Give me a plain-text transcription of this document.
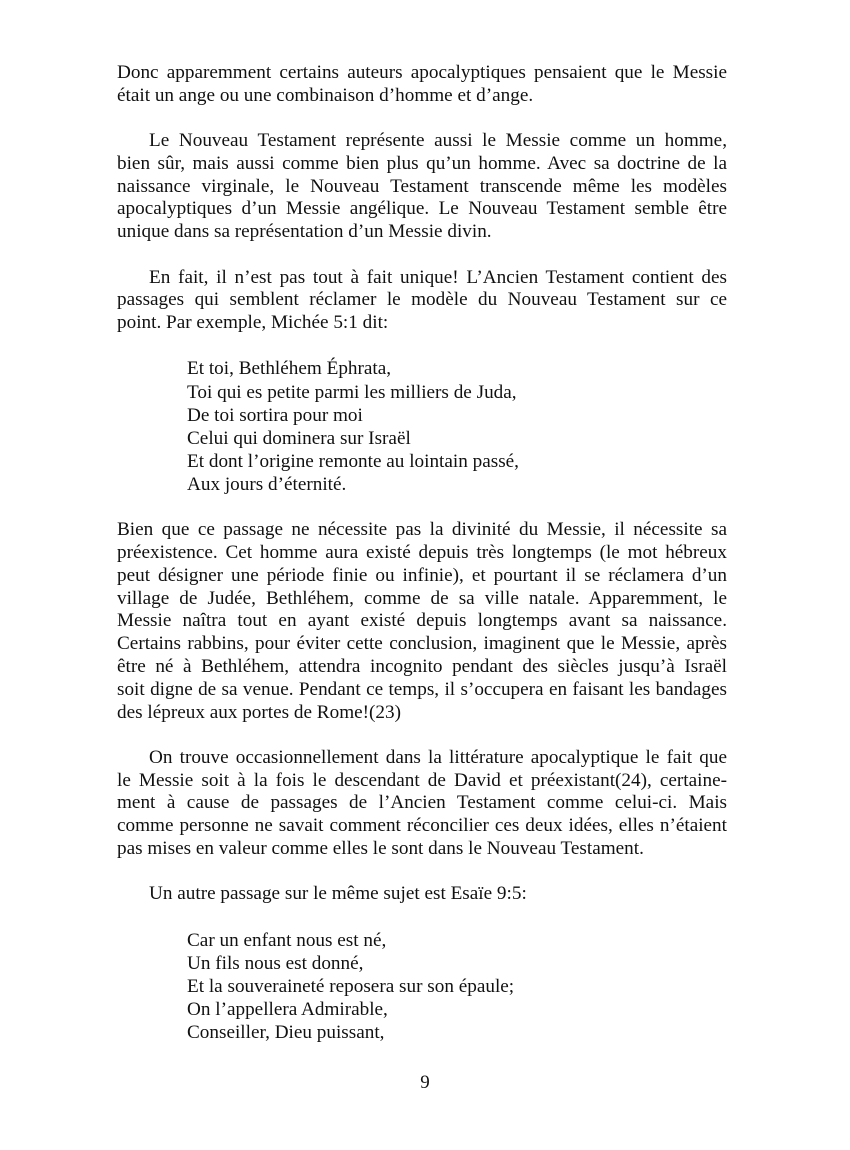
Donc apparemment certains auteurs apocalyptiques pensaient que le Messie
était un ange ou une combinaison d’homme et d’ange.

Le Nouveau Testament représente aussi le Messie comme un homme,
bien sûr, mais aussi comme bien plus qu’un homme. Avec sa doctrine de la
naissance virginale, le Nouveau Testament transcende même les modèles
apocalyptiques d’un Messie angélique. Le Nouveau Testament semble être
unique dans sa représentation d’un Messie divin.

En fait, il n’est pas tout à fait unique! L’Ancien Testament contient des
passages qui semblent réclamer le modèle du Nouveau Testament sur ce
point. Par exemple, Michée 5:1 dit:

Et toi, Bethléhem Éphrata,
Toi qui es petite parmi les milliers de Juda,
De toi sortira pour moi
Celui qui dominera sur Israël
Et dont l’origine remonte au lointain passé,
Aux jours d’éternité.

Bien que ce passage ne nécessite pas la divinité du Messie, il nécessite sa
préexistence. Cet homme aura existé depuis très longtemps (le mot hébreux
peut désigner une période finie ou infinie), et pourtant il se réclamera d’un
village de Judée, Bethléhem, comme de sa ville natale. Apparemment, le
Messie naîtra tout en ayant existé depuis longtemps avant sa naissance.
Certains rabbins, pour éviter cette conclusion, imaginent que le Messie, après
être né à Bethléhem, attendra incognito pendant des siècles jusqu’à Israël
soit digne de sa venue. Pendant ce temps, il s’occupera en faisant les bandages
des lépreux aux portes de Rome!(23)

On trouve occasionnellement dans la littérature apocalyptique le fait que
le Messie soit à la fois le descendant de David et préexistant(24), certaine-
ment à cause de passages de l’Ancien Testament comme celui-ci. Mais
comme personne ne savait comment réconcilier ces deux idées, elles n’étaient
pas mises en valeur comme elles le sont dans le Nouveau Testament.

Un autre passage sur le même sujet est Esaïe 9:5:

Car un enfant nous est né,
Un fils nous est donné,
Et la souveraineté reposera sur son épaule;
On l’appellera Admirable,
Conseiller, Dieu puissant,
9
